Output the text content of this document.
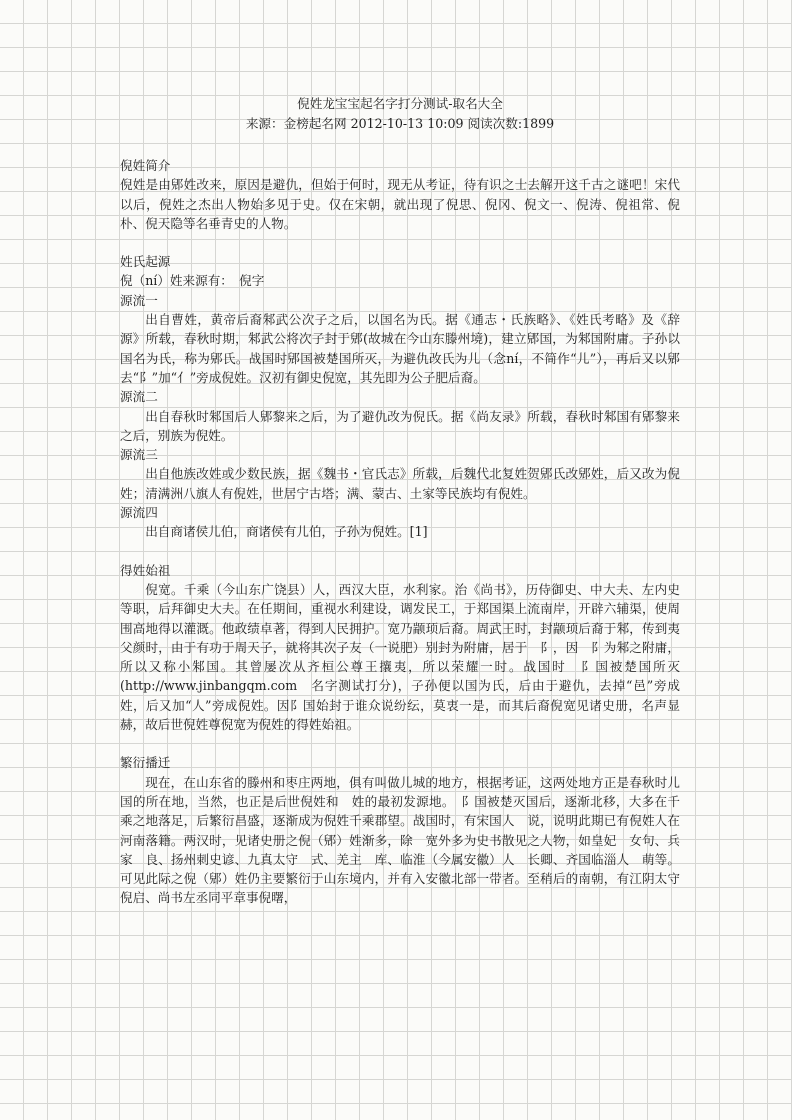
倪姓龙宝宝起名字打分测试-取名大全
来源：金榜起名网 2012-10-13 10:09 阅读次数:1899
倪姓简介

倪姓是由郳姓改来，原因是避仇，但始于何时，现无从考证，待有识之士去解开这千古之谜吧！宋代以后，倪姓之杰出人物始多见于史。仅在宋朝，就出现了倪思、倪冈、倪文一、倪涛、倪祖常、倪朴、倪天隐等名垂青史的人物。

姓氏起源
倪（ní）姓来源有：　倪字
源流一

出自曹姓，黄帝后裔邾武公次子之后，以国名为氏。据《通志・氏族略》、《姓氏考略》及《辞源》所载，春秋时期，邾武公将次子封于郳(故城在今山东滕州境)，建立郳国，为邾国附庸。子孙以国名为氏，称为郳氏。战国时郳国被楚国所灭，为避仇改氏为儿（念ní，不简作“儿”），再后又以郳去“阝”加“亻”旁成倪姓。汉初有御史倪宽，其先即为公子肥后裔。

源流二

出自春秋时邾国后人郳黎来之后，为了避仇改为倪氏。据《尚友录》所载，春秋时邾国有郳黎来之后，别族为倪姓。

源流三

出自他族改姓或少数民族，据《魏书・官氏志》所载，后魏代北复姓贺郳氏改郳姓，后又改为倪姓；清满洲八旗人有倪姓，世居宁古塔；满、蒙古、土家等民族均有倪姓。

源流四

出自商诸侯儿伯，商诸侯有儿伯，子孙为倪姓。[1]

得姓始祖

倪宽。千乘（今山东广饶县）人，西汉大臣，水利家。治《尚书》，历侍御史、中大夫、左内史等职，后拜御史大夫。在任期间，重视水利建设，调发民工，于郑国渠上流南岸，开辟六辅渠，使周围高地得以灌溉。他政绩卓著，得到人民拥护。宽乃颛顼后裔。周武王时，封颛顼后裔于邾，传到夷父颜时，由于有功于周天子，就将其次子友（一说肥）别封为附庸，居于　阝，因　阝为邾之附庸，所以又称小邾国。其曾屡次从齐桓公尊王攘夷，所以荣耀一时。战国时　阝国被楚国所灭(http://www.jinbangqm.com　名字测试打分)，子孙便以国为氏，后由于避仇，去掉“邑”旁成　姓，后又加“人”旁成倪姓。因阝国始封于谁众说纷纭，莫衷一是，而其后裔倪宽见诸史册，名声显赫，故后世倪姓尊倪宽为倪姓的得姓始祖。

繁衍播迁

现在，在山东省的滕州和枣庄两地，俱有叫做儿城的地方，根据考证，这两处地方正是春秋时儿国的所在地，当然，也正是后世倪姓和　姓的最初发源地。　阝国被楚灭国后，逐渐北移，大多在千乘之地落足，后繁衍昌盛，逐渐成为倪姓千乘郡望。战国时，有宋国人　说，说明此期已有倪姓人在河南落籍。两汉时，见诸史册之倪（郳）姓渐多，除　宽外多为史书散见之人物，如皇妃　女句、兵家　良、扬州刺史谚、九真太守　式、羌主　库、临淮（今属安徽）人　长卿、齐国临淄人　萌等。可见此际之倪（郳）姓仍主要繁衍于山东境内，并有入安徽北部一带者。至稍后的南朝，有江阴太守倪启、尚书左丞同平章事倪曙，
